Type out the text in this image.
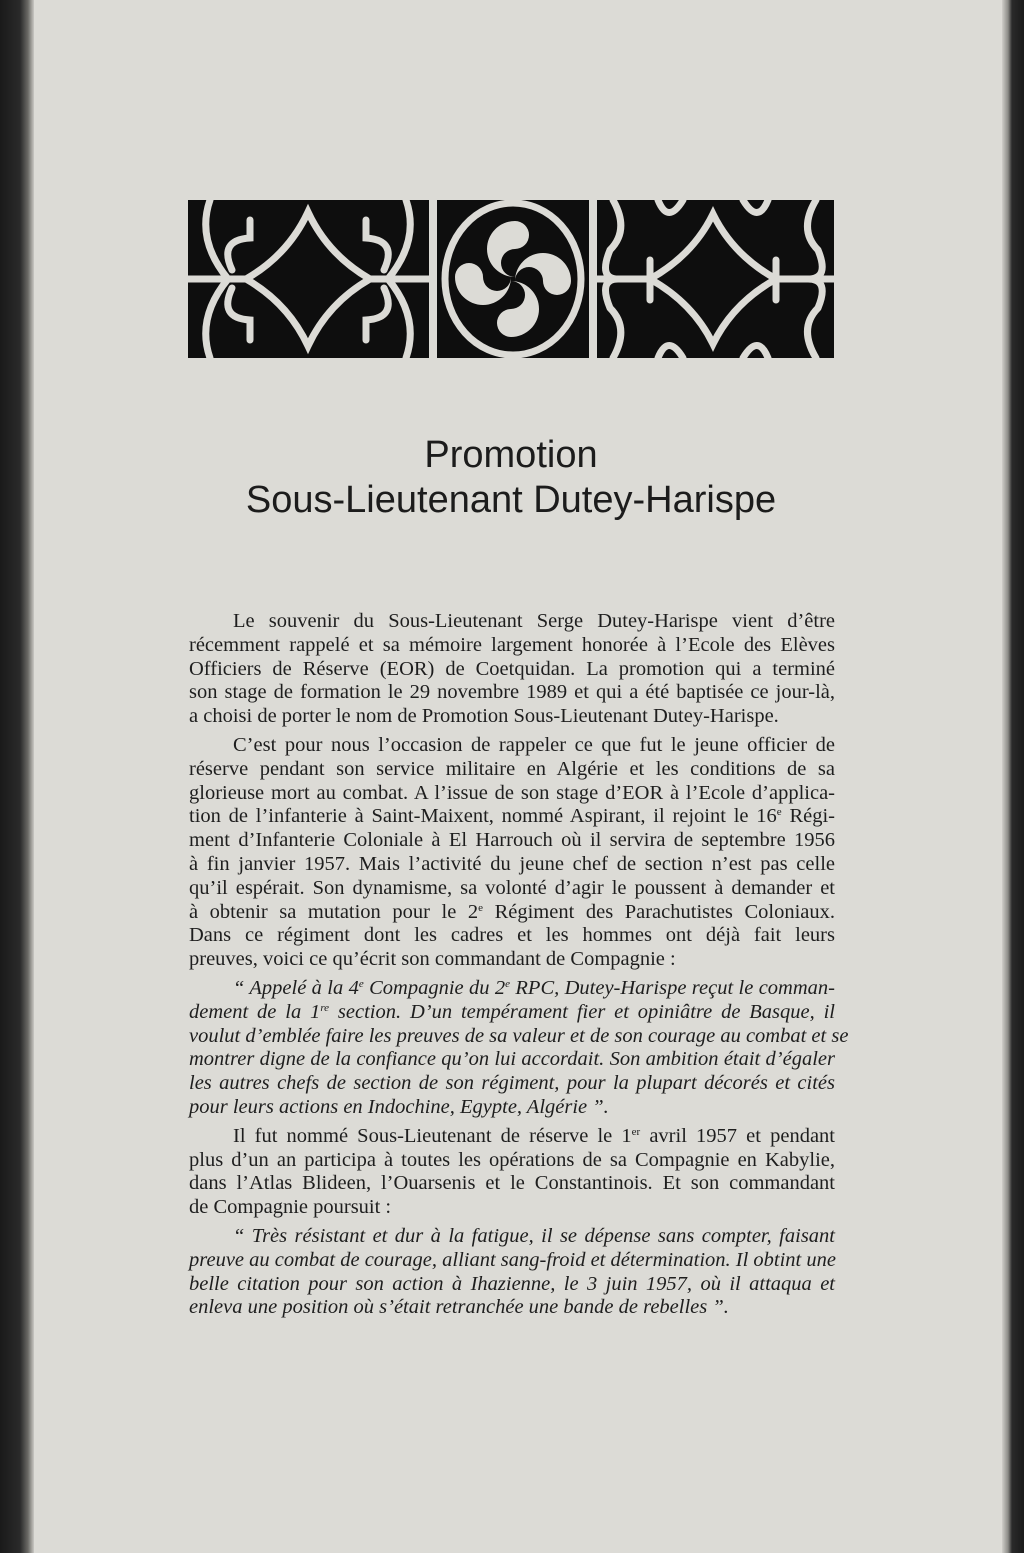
Promotion
Sous-Lieutenant Dutey-Harispe
Le souvenir du Sous-Lieutenant Serge Dutey-Harispe vient d’être
récemment rappelé et sa mémoire largement honorée à l’Ecole des Elèves
Officiers de Réserve (EOR) de Coetquidan. La promotion qui a terminé
son stage de formation le 29 novembre 1989 et qui a été baptisée ce jour-là,
a choisi de porter le nom de Promotion Sous-Lieutenant Dutey-Harispe.
C’est pour nous l’occasion de rappeler ce que fut le jeune officier de
réserve pendant son service militaire en Algérie et les conditions de sa
glorieuse mort au combat. A l’issue de son stage d’EOR à l’Ecole d’applica-
tion de l’infanterie à Saint-Maixent, nommé Aspirant, il rejoint le 16e Régi-
ment d’Infanterie Coloniale à El Harrouch où il servira de septembre 1956
à fin janvier 1957. Mais l’activité du jeune chef de section n’est pas celle
qu’il espérait. Son dynamisme, sa volonté d’agir le poussent à demander et
à obtenir sa mutation pour le 2e Régiment des Parachutistes Coloniaux.
Dans ce régiment dont les cadres et les hommes ont déjà fait leurs
preuves, voici ce qu’écrit son commandant de Compagnie :
“ Appelé à la 4e Compagnie du 2e RPC, Dutey-Harispe reçut le comman-
dement de la 1re section. D’un tempérament fier et opiniâtre de Basque, il
voulut d’emblée faire les preuves de sa valeur et de son courage au combat et se
montrer digne de la confiance qu’on lui accordait. Son ambition était d’égaler
les autres chefs de section de son régiment, pour la plupart décorés et cités
pour leurs actions en Indochine, Egypte, Algérie ”.
Il fut nommé Sous-Lieutenant de réserve le 1er avril 1957 et pendant
plus d’un an participa à toutes les opérations de sa Compagnie en Kabylie,
dans l’Atlas Blideen, l’Ouarsenis et le Constantinois. Et son commandant
de Compagnie poursuit :
“ Très résistant et dur à la fatigue, il se dépense sans compter, faisant
preuve au combat de courage, alliant sang-froid et détermination. Il obtint une
belle citation pour son action à Ihazienne, le 3 juin 1957, où il attaqua et
enleva une position où s’était retranchée une bande de rebelles ”.
